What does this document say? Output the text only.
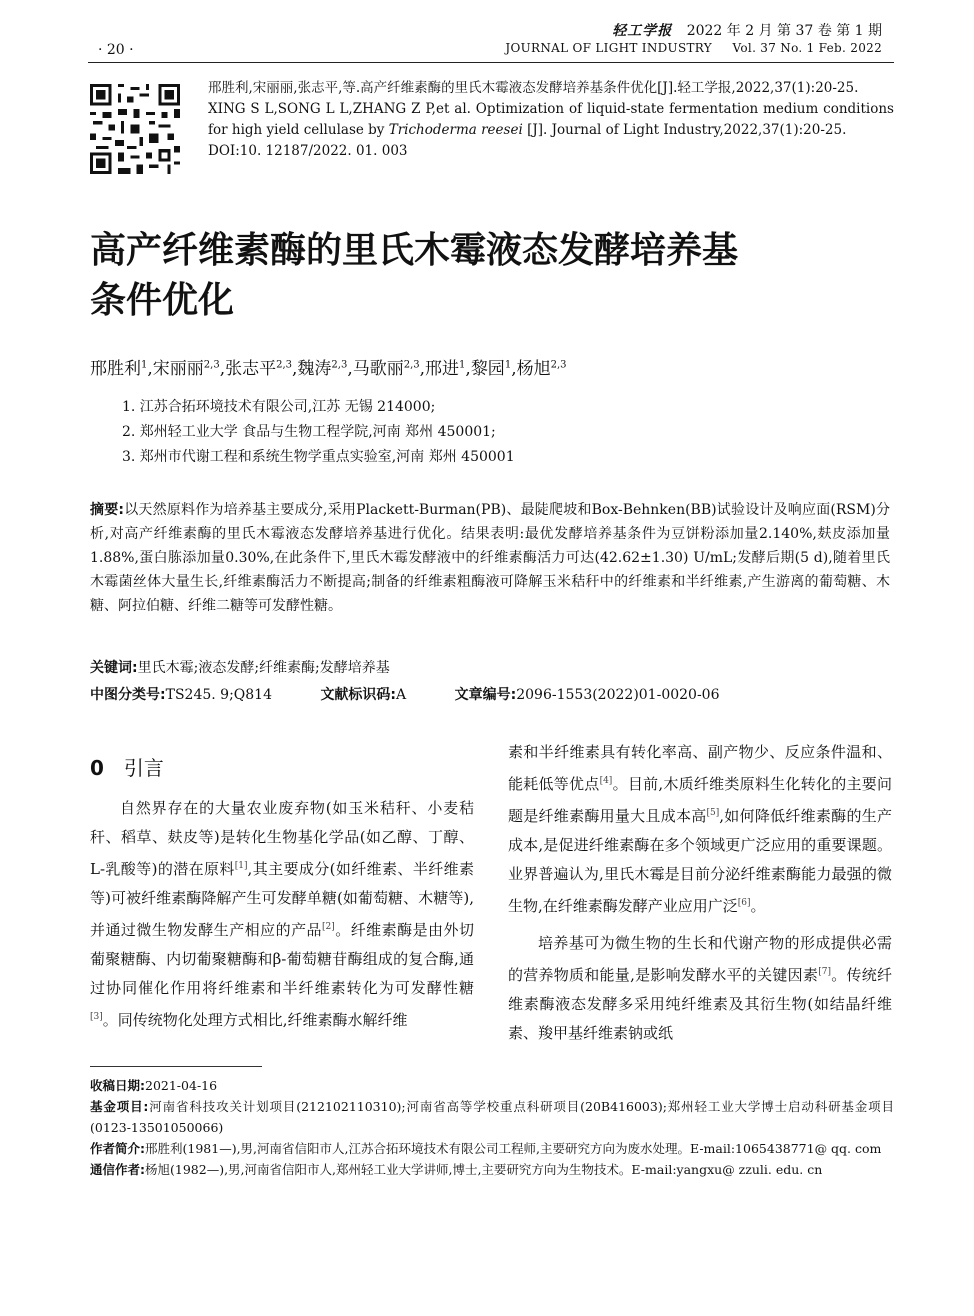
· 20 ·
轻工学报 2022 年 2 月 第 37 卷 第 1 期
JOURNAL OF LIGHT INDUSTRY Vol. 37 No. 1 Feb. 2022

邢胜利,宋丽丽,张志平,等.高产纤维素酶的里氏木霉液态发酵培养基条件优化[J].轻工学报,2022,37(1):20-25.

XING S L,SONG L L,ZHANG Z P,et al. Optimization of liquid-state fermentation medium conditions for high yield cellulase by Trichoderma reesei [J]. Journal of Light Industry,2022,37(1):20-25.

DOI:10. 12187/2022. 01. 003

高产纤维素酶的里氏木霉液态发酵培养基
条件优化
邢胜利$^1$,宋丽丽$^{2,3}$,张志平$^{2,3}$,魏涛$^{2,3}$,马歌丽$^{2,3}$,邢进$^1$,黎园$^1$,杨旭$^{2,3}$
1. 江苏合拓环境技术有限公司,江苏 无锡 214000;
2. 郑州轻工业大学 食品与生物工程学院,河南 郑州 450001;
3. 郑州市代谢工程和系统生物学重点实验室,河南 郑州 450001
摘要:以天然原料作为培养基主要成分,采用Plackett-Burman(PB)、最陡爬坡和Box-Behnken(BB)试验设计及响应面(RSM)分析,对高产纤维素酶的里氏木霉液态发酵培养基进行优化。结果表明:最优发酵培养基条件为豆饼粉添加量2.140%,麸皮添加量1.88%,蛋白胨添加量0.30%,在此条件下,里氏木霉发酵液中的纤维素酶活力可达(42.62±1.30) U/mL;发酵后期(5 d),随着里氏木霉菌丝体大量生长,纤维素酶活力不断提高;制备的纤维素粗酶液可降解玉米秸秆中的纤维素和半纤维素,产生游离的葡萄糖、木糖、阿拉伯糖、纤维二糖等可发酵性糖。
关键词:里氏木霉;液态发酵;纤维素酶;发酵培养基
中图分类号:TS245. 9;Q814	文献标识码:A	文章编号:2096-1553(2022)01-0020-06
0 引言

自然界存在的大量农业废弃物(如玉米秸秆、小麦秸秆、稻草、麸皮等)是转化生物基化学品(如乙醇、丁醇、L-乳酸等)的潜在原料[1],其主要成分(如纤维素、半纤维素等)可被纤维素酶降解产生可发酵单糖(如葡萄糖、木糖等),并通过微生物发酵生产相应的产品[2]。纤维素酶是由外切葡聚糖酶、内切葡聚糖酶和β-葡萄糖苷酶组成的复合酶,通过协同催化作用将纤维素和半纤维素转化为可发酵性糖[3]。同传统物化处理方式相比,纤维素酶水解纤维

素和半纤维素具有转化率高、副产物少、反应条件温和、能耗低等优点[4]。目前,木质纤维类原料生化转化的主要问题是纤维素酶用量大且成本高[5],如何降低纤维素酶的生产成本,是促进纤维素酶在多个领域更广泛应用的重要课题。业界普遍认为,里氏木霉是目前分泌纤维素酶能力最强的微生物,在纤维素酶发酵产业应用广泛[6]。

培养基可为微生物的生长和代谢产物的形成提供必需的营养物质和能量,是影响发酵水平的关键因素[7]。传统纤维素酶液态发酵多采用纯纤维素及其衍生物(如结晶纤维素、羧甲基纤维素钠或纸

收稿日期:2021-04-16

基金项目:河南省科技攻关计划项目(212102110310);河南省高等学校重点科研项目(20B416003);郑州轻工业大学博士启动科研基金项目(0123-13501050066)

作者简介:邢胜利(1981—),男,河南省信阳市人,江苏合拓环境技术有限公司工程师,主要研究方向为废水处理。E-mail:1065438771@ qq. com

通信作者:杨旭(1982—),男,河南省信阳市人,郑州轻工业大学讲师,博士,主要研究方向为生物技术。E-mail:yangxu@ zzuli. edu. cn
